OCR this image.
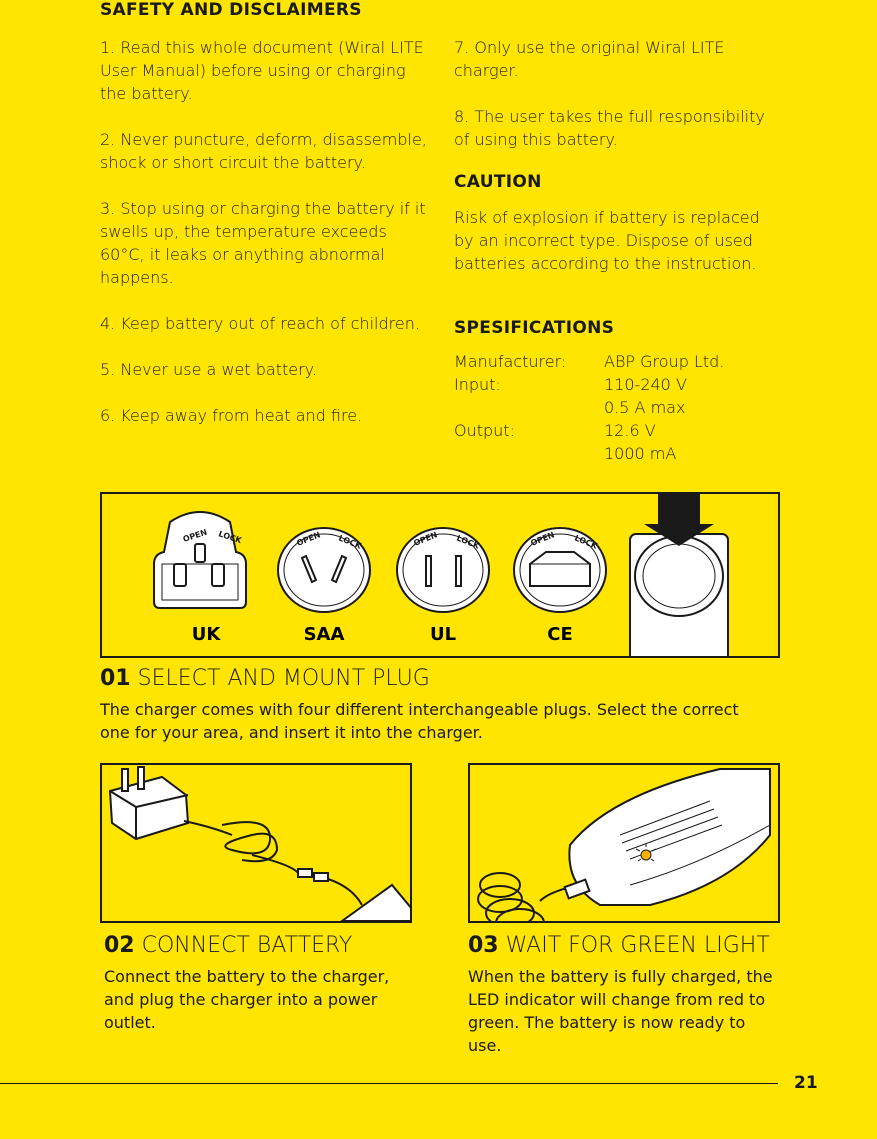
SAFETY AND DISCLAIMERS

1. Read this whole document (Wiral LITE User Manual) before using or charging the battery.

2. Never puncture, deform, disassemble, shock or short circuit the battery.

3. Stop using or charging the battery if it swells up, the temperature exceeds 60°C, it leaks or anything abnormal happens.

4. Keep battery out of reach of children.

5. Never use a wet battery.

6. Keep away from heat and fire.

7. Only use the original Wiral LITE charger.

8. The user takes the full responsibility of using this battery.

CAUTION

Risk of explosion if battery is replaced by an incorrect type. Dispose of used batteries according to the instruction.

SPESIFICATIONS
Manufacturer:	ABP Group Ltd.
Input:	110-240 V
0.5 A max
Output:	12.6 V
1000 mA
OPEN LOCK	OPEN LOCK	OPEN LOCK	OPEN LOCK
UK	SAA	UL	CE
01 SELECT AND MOUNT PLUG

The charger comes with four different interchangeable plugs. Select the correct one for your area, and insert it into the charger.

02 CONNECT BATTERY

Connect the battery to the charger, and plug the charger into a power outlet.

03 WAIT FOR GREEN LIGHT

When the battery is fully charged, the LED indicator will change from red to green. The battery is now ready to use.

21
